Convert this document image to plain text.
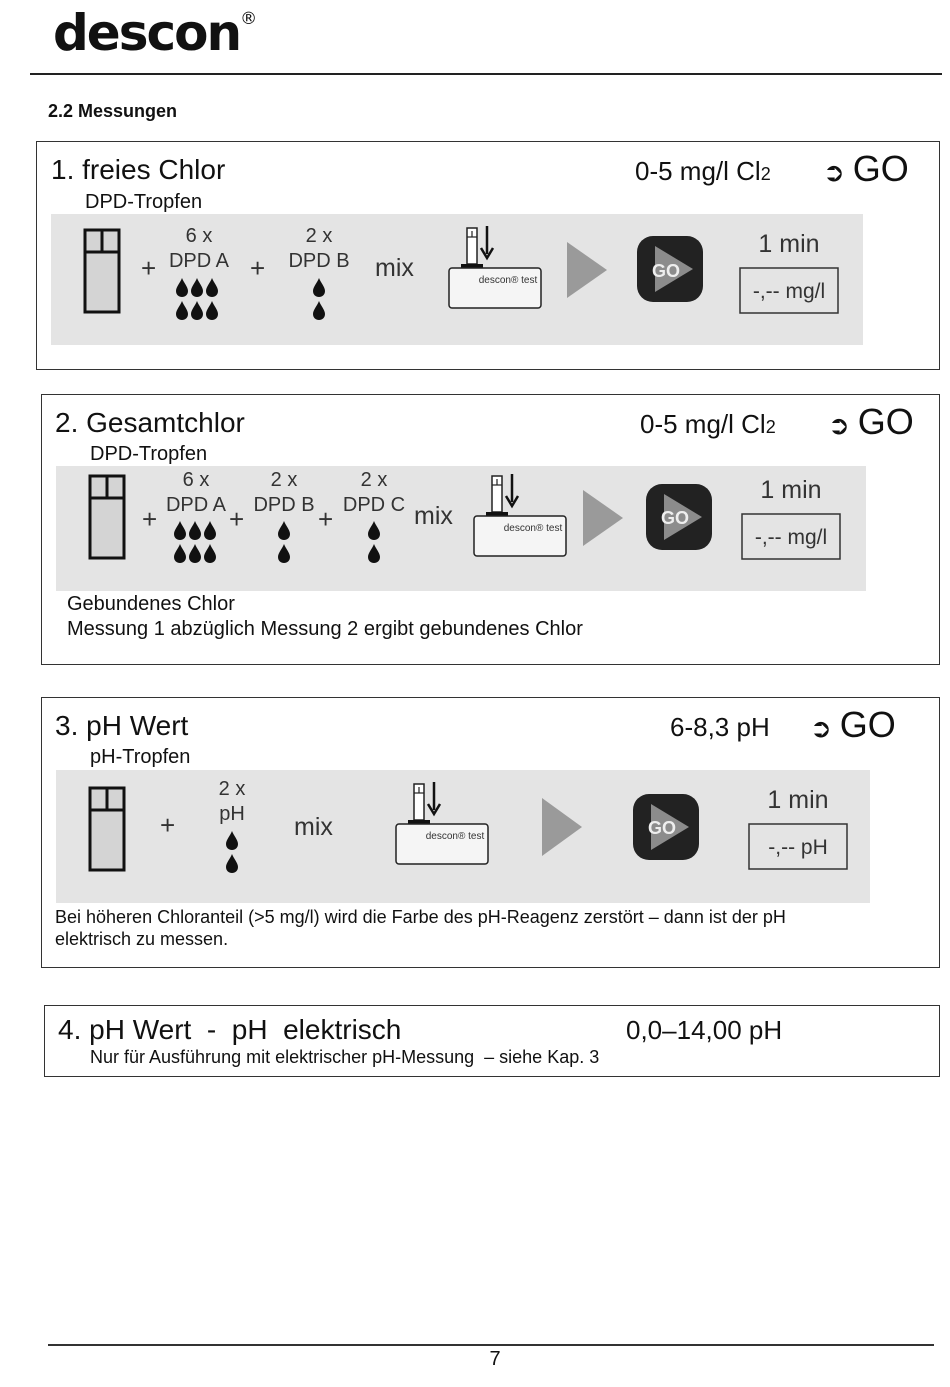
descon®
2.2 Messungen
1. freies Chlor	0-5 mg/l Cl2 ➲ GO
DPD-Tropfen
+
6 x
DPD A +
2 x
DPD B mix	descon® test	GO
1 min
-,-- mg/l
2. Gesamtchlor	0-5 mg/l Cl2 ➲ GO
DPD-Tropfen
+
6 x
DPD A +
2 x
DPD B +
2 x
DPD C mix	descon® test
GO
1 min
-,-- mg/l
Gebundenes Chlor
Messung 1 abzüglich Messung 2 ergibt gebundenes Chlor
3. pH Wert	6-8,3 pH ➲ GO
pH-Tropfen
+
2 x
pH mix	descon® test	GO
1 min
-,-- pH
Bei höheren Chloranteil (>5 mg/l) wird die Farbe des pH-Reagenz zerstört – dann ist der pH
elektrisch zu messen.
4. pH Wert  -  pH  elektrisch	0,0–14,00 pH
Nur für Ausführung mit elektrischer pH-Messung  – siehe Kap. 3
7
